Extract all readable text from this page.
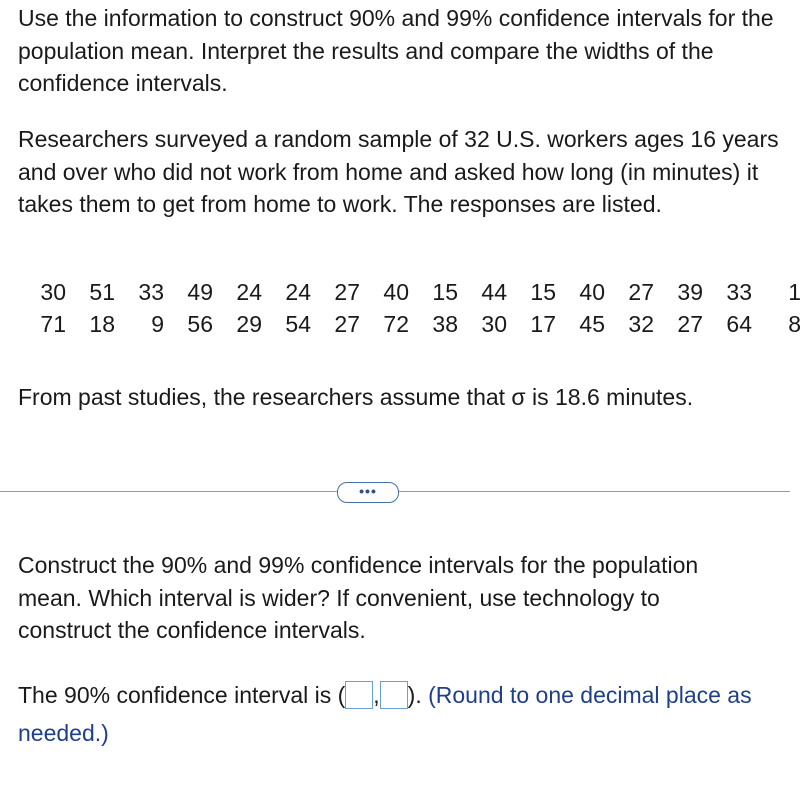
Use the information to construct 90% and 99% confidence intervals for the population mean. Interpret the results and compare the widths of the confidence intervals.

Researchers surveyed a random sample of 32 U.S. workers ages 16 years and over who did not work from home and asked how long (in minutes) it takes them to get from home to work. The responses are listed.

30	51	33	49	24	24	27	40	15	44	15	40	27	39	33	1
71	18	9	56	29	54	27	72	38	30	17	45	32	27	64	8

From past studies, the researchers assume that σ is 18.6 minutes.

•••

Construct the 90% and 99% confidence intervals for the population mean. Which interval is wider? If convenient, use technology to construct the confidence intervals.

The 90% confidence interval is ( , ). (Round to one decimal place as needed.)
